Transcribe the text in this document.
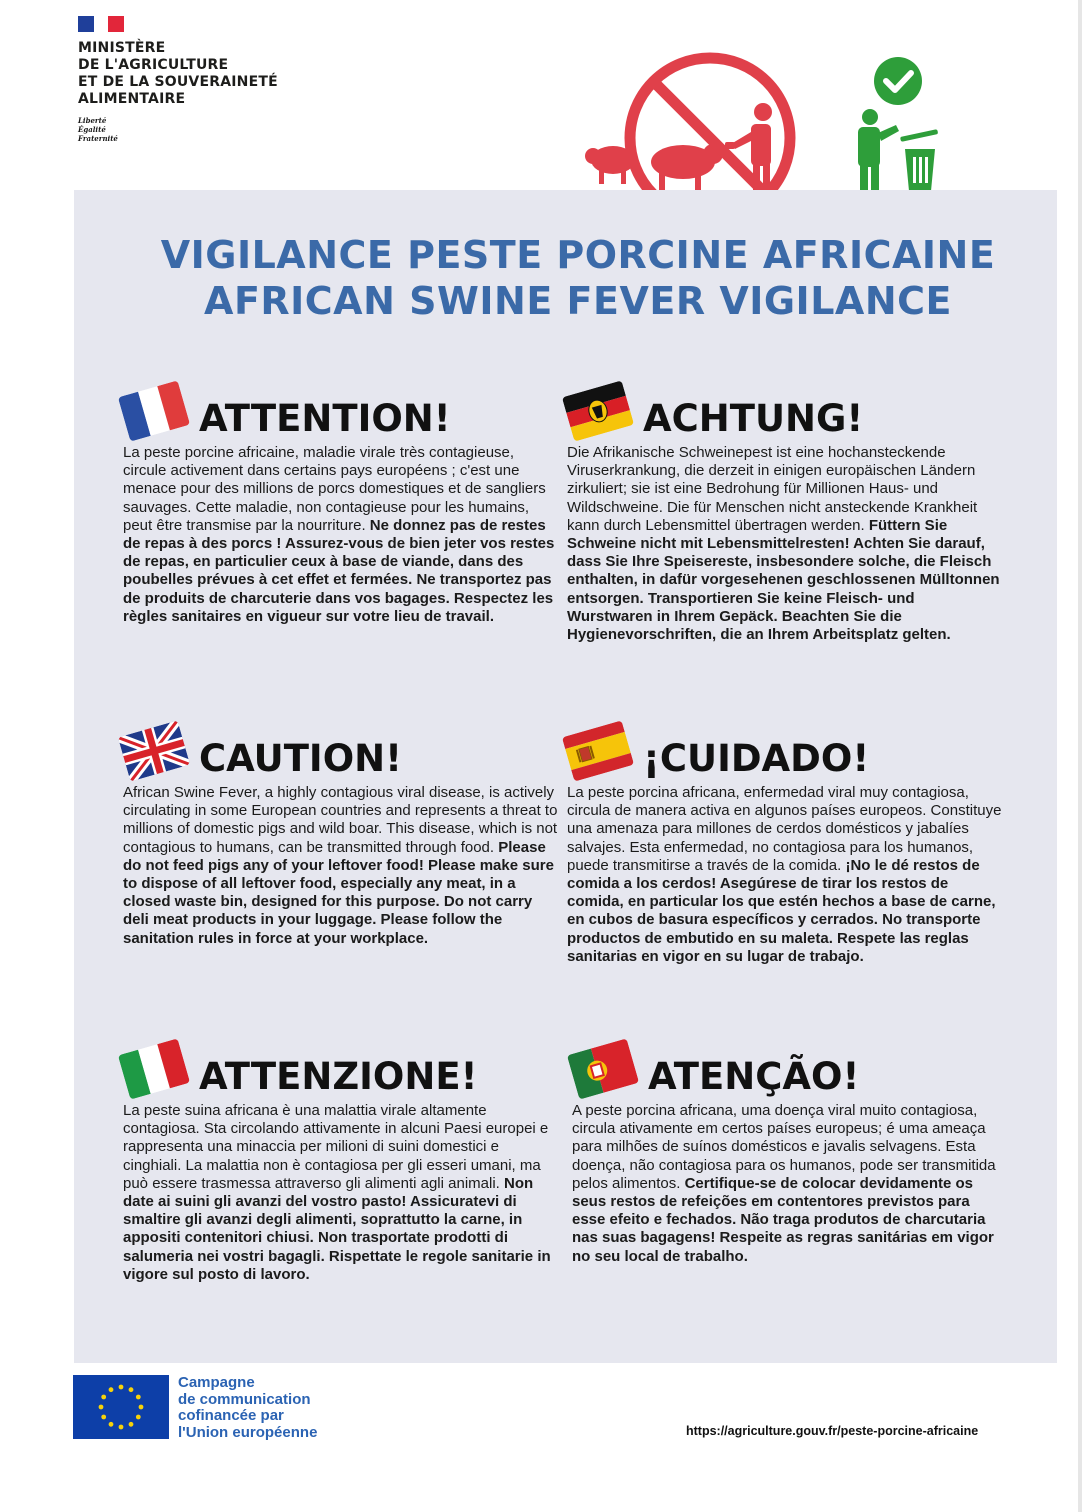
MINISTÈRE
DE L'AGRICULTURE
ET DE LA SOUVERAINETÉ
ALIMENTAIRE
Liberté
Égalité
Fraternité
VIGILANCE PESTE PORCINE AFRICAINE
AFRICAN SWINE FEVER VIGILANCE
ATTENTION!
La peste porcine africaine, maladie virale très contagieuse, circule activement dans certains pays européens ; c'est une menace pour des millions de porcs domestiques et de sangliers sauvages. Cette maladie, non contagieuse pour les humains, peut être transmise par la nourriture. Ne donnez pas de restes de repas à des porcs ! Assurez-vous de bien jeter vos restes de repas, en particulier ceux à base de viande, dans des poubelles prévues à cet effet et fermées. Ne transportez pas de produits de charcuterie dans vos bagages. Respectez les règles sanitaires en vigueur sur votre lieu de travail.
ACHTUNG!
Die Afrikanische Schweinepest ist eine hochansteckende Viruserkrankung, die derzeit in einigen europäischen Ländern zirkuliert; sie ist eine Bedrohung für Millionen Haus- und Wildschweine. Die für Menschen nicht ansteckende Krankheit kann durch Lebensmittel übertragen werden. Füttern Sie Schweine nicht mit Lebensmittelresten! Achten Sie darauf, dass Sie Ihre Speisereste, insbesondere solche, die Fleisch enthalten, in dafür vorgesehenen geschlossenen Mülltonnen entsorgen. Transportieren Sie keine Fleisch- und Wurstwaren in Ihrem Gepäck. Beachten Sie die Hygienevorschriften, die an Ihrem Arbeitsplatz gelten.
CAUTION!
African Swine Fever, a highly contagious viral disease, is actively circulating in some European countries and represents a threat to millions of domestic pigs and wild boar. This disease, which is not contagious to humans, can be transmitted through food. Please do not feed pigs any of your leftover food! Please make sure to dispose of all leftover food, especially any meat, in a closed waste bin, designed for this purpose. Do not carry deli meat products in your luggage. Please follow the sanitation rules in force at your workplace.
¡CUIDADO!
La peste porcina africana, enfermedad viral muy contagiosa, circula de manera activa en algunos países europeos. Constituye una amenaza para millones de cerdos domésticos y jabalíes salvajes. Esta enfermedad, no contagiosa para los humanos, puede transmitirse a través de la comida. ¡No le dé restos de comida a los cerdos! Asegúrese de tirar los restos de comida, en particular los que estén hechos a base de carne, en cubos de basura específicos y cerrados. No transporte productos de embutido en su maleta. Respete las reglas sanitarias en vigor en su lugar de trabajo.
ATTENZIONE!
La peste suina africana è una malattia virale altamente contagiosa. Sta circolando attivamente in alcuni Paesi europei e rappresenta una minaccia per milioni di suini domestici e cinghiali. La malattia non è contagiosa per gli esseri umani, ma può essere trasmessa attraverso gli alimenti agli animali. Non date ai suini gli avanzi del vostro pasto! Assicuratevi di smaltire gli avanzi degli alimenti, soprattutto la carne, in appositi contenitori chiusi. Non trasportate prodotti di salumeria nei vostri bagagli. Rispettate le regole sanitarie in vigore sul posto di lavoro.
ATENÇÃO!
A peste porcina africana, uma doença viral muito contagiosa, circula ativamente em certos países europeus; é uma ameaça para milhões de suínos domésticos e javalis selvagens. Esta doença, não contagiosa para os humanos, pode ser transmitida pelos alimentos. Certifique-se de colocar devidamente os seus restos de refeições em contentores previstos para esse efeito e fechados. Não traga produtos de charcutaria nas suas bagagens! Respeite as regras sanitárias em vigor no seu local de trabalho.
Campagne
de communication
cofinancée par
l'Union européenne	https://agriculture.gouv.fr/peste-porcine-africaine
